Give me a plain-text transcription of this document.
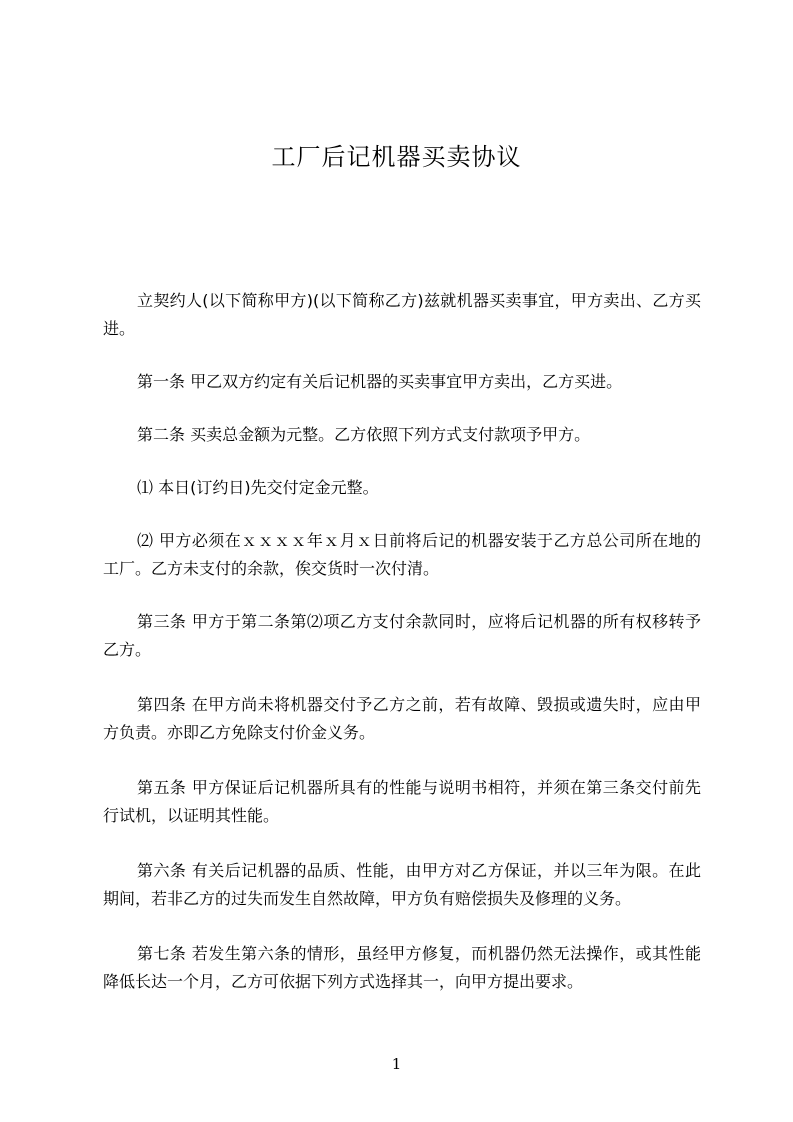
工厂后记机器买卖协议

立契约人(以下简称甲方)(以下简称乙方)兹就机器买卖事宜，甲方卖出、乙方买进。

第一条 甲乙双方约定有关后记机器的买卖事宜甲方卖出，乙方买进。

第二条 买卖总金额为元整。乙方依照下列方式支付款项予甲方。

⑴ 本日(订约日)先交付定金元整。

⑵ 甲方必须在ｘｘｘｘ年ｘ月ｘ日前将后记的机器安装于乙方总公司所在地的工厂。乙方未支付的余款，俟交货时一次付清。

第三条 甲方于第二条第⑵项乙方支付余款同时，应将后记机器的所有权移转予乙方。

第四条 在甲方尚未将机器交付予乙方之前，若有故障、毁损或遗失时，应由甲方负责。亦即乙方免除支付价金义务。

第五条 甲方保证后记机器所具有的性能与说明书相符，并须在第三条交付前先行试机，以证明其性能。

第六条 有关后记机器的品质、性能，由甲方对乙方保证，并以三年为限。在此期间，若非乙方的过失而发生自然故障，甲方负有赔偿损失及修理的义务。

第七条 若发生第六条的情形，虽经甲方修复，而机器仍然无法操作，或其性能降低长达一个月，乙方可依据下列方式选择其一，向甲方提出要求。

1
